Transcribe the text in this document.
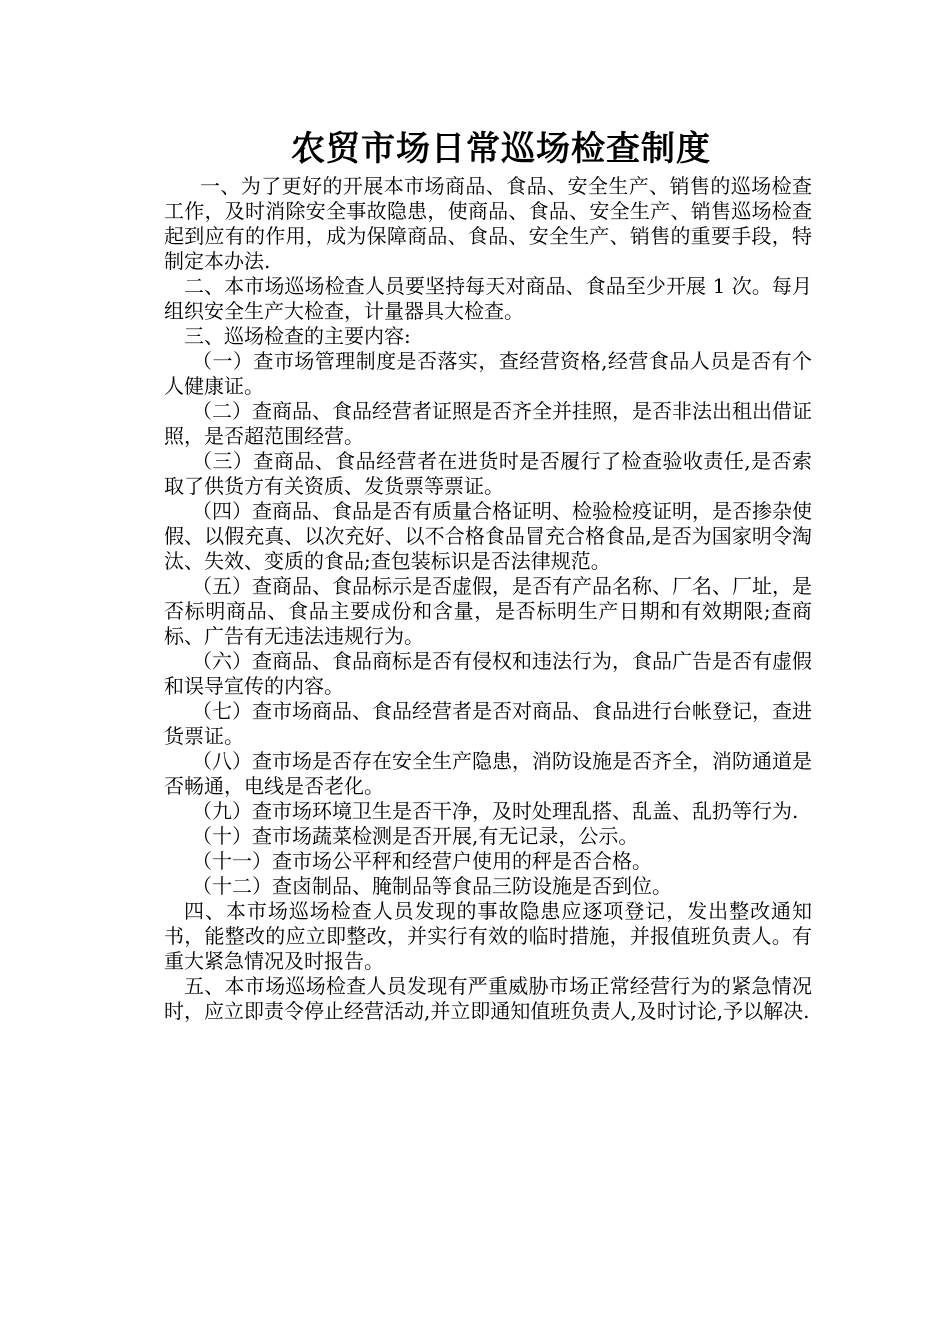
农贸市场日常巡场检查制度

一、为了更好的开展本市场商品、食品、安全生产、销售的巡场检查工作，及时消除安全事故隐患，使商品、食品、安全生产、销售巡场检查起到应有的作用，成为保障商品、食品、安全生产、销售的重要手段，特制定本办法.

二、本市场巡场检查人员要坚持每天对商品、食品至少开展 1 次。每月组织安全生产大检查，计量器具大检查。

三、巡场检查的主要内容:

（一）查市场管理制度是否落实，查经营资格,经营食品人员是否有个人健康证。

（二）查商品、食品经营者证照是否齐全并挂照，是否非法出租出借证照，是否超范围经营。

（三）查商品、食品经营者在进货时是否履行了检查验收责任,是否索取了供货方有关资质、发货票等票证。

（四）查商品、食品是否有质量合格证明、检验检疫证明，是否掺杂使假、以假充真、以次充好、以不合格食品冒充合格食品,是否为国家明令淘汰、失效、变质的食品;查包装标识是否法律规范。

（五）查商品、食品标示是否虚假，是否有产品名称、厂名、厂址，是否标明商品、食品主要成份和含量，是否标明生产日期和有效期限;查商标、广告有无违法违规行为。

（六）查商品、食品商标是否有侵权和违法行为，食品广告是否有虚假和误导宣传的内容。

（七）查市场商品、食品经营者是否对商品、食品进行台帐登记，查进货票证。

（八）查市场是否存在安全生产隐患，消防设施是否齐全，消防通道是否畅通，电线是否老化。

（九）查市场环境卫生是否干净，及时处理乱搭、乱盖、乱扔等行为.

（十）查市场蔬菜检测是否开展,有无记录，公示。

（十一）查市场公平秤和经营户使用的秤是否合格。

（十二）查卤制品、腌制品等食品三防设施是否到位。

四、本市场巡场检查人员发现的事故隐患应逐项登记，发出整改通知书，能整改的应立即整改，并实行有效的临时措施，并报值班负责人。有重大紧急情况及时报告。

五、本市场巡场检查人员发现有严重威胁市场正常经营行为的紧急情况时，应立即责令停止经营活动,并立即通知值班负责人,及时讨论,予以解决.
